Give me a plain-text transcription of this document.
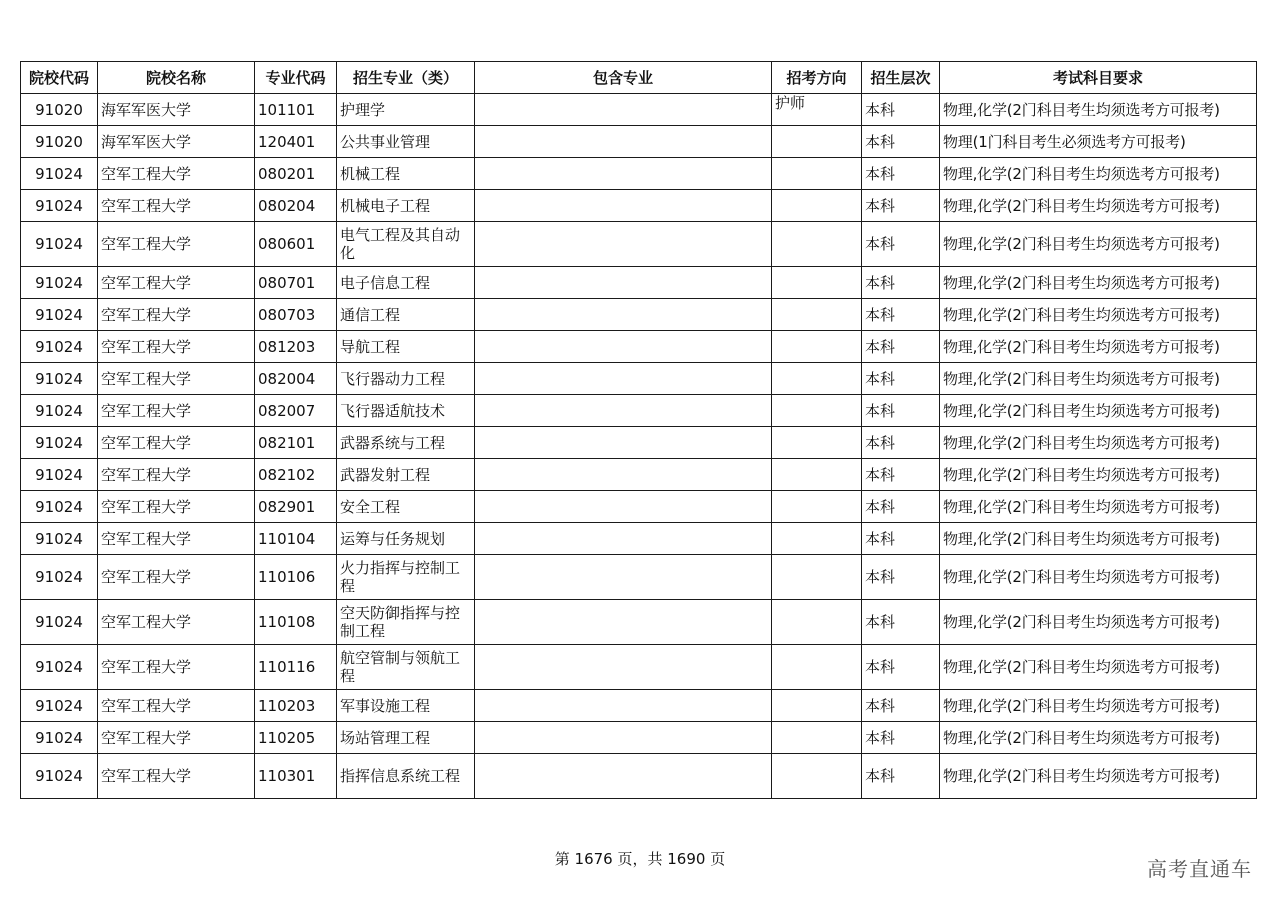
院校代码	院校名称	专业代码	招生专业（类）	包含专业	招考方向	招生层次	考试科目要求
91020	海军军医大学	101101	护理学		护师	本科	物理,化学(2门科目考生均须选考方可报考)
91020	海军军医大学	120401	公共事业管理			本科	物理(1门科目考生必须选考方可报考)
91024	空军工程大学	080201	机械工程			本科	物理,化学(2门科目考生均须选考方可报考)
91024	空军工程大学	080204	机械电子工程			本科	物理,化学(2门科目考生均须选考方可报考)
91024	空军工程大学	080601	电气工程及其自动化			本科	物理,化学(2门科目考生均须选考方可报考)
91024	空军工程大学	080701	电子信息工程			本科	物理,化学(2门科目考生均须选考方可报考)
91024	空军工程大学	080703	通信工程			本科	物理,化学(2门科目考生均须选考方可报考)
91024	空军工程大学	081203	导航工程			本科	物理,化学(2门科目考生均须选考方可报考)
91024	空军工程大学	082004	飞行器动力工程			本科	物理,化学(2门科目考生均须选考方可报考)
91024	空军工程大学	082007	飞行器适航技术			本科	物理,化学(2门科目考生均须选考方可报考)
91024	空军工程大学	082101	武器系统与工程			本科	物理,化学(2门科目考生均须选考方可报考)
91024	空军工程大学	082102	武器发射工程			本科	物理,化学(2门科目考生均须选考方可报考)
91024	空军工程大学	082901	安全工程			本科	物理,化学(2门科目考生均须选考方可报考)
91024	空军工程大学	110104	运筹与任务规划			本科	物理,化学(2门科目考生均须选考方可报考)
91024	空军工程大学	110106	火力指挥与控制工程			本科	物理,化学(2门科目考生均须选考方可报考)
91024	空军工程大学	110108	空天防御指挥与控制工程			本科	物理,化学(2门科目考生均须选考方可报考)
91024	空军工程大学	110116	航空管制与领航工程			本科	物理,化学(2门科目考生均须选考方可报考)
91024	空军工程大学	110203	军事设施工程			本科	物理,化学(2门科目考生均须选考方可报考)
91024	空军工程大学	110205	场站管理工程			本科	物理,化学(2门科目考生均须选考方可报考)
91024	空军工程大学	110301	指挥信息系统工程			本科	物理,化学(2门科目考生均须选考方可报考)
第 1676 页，共 1690 页	高考直通车
